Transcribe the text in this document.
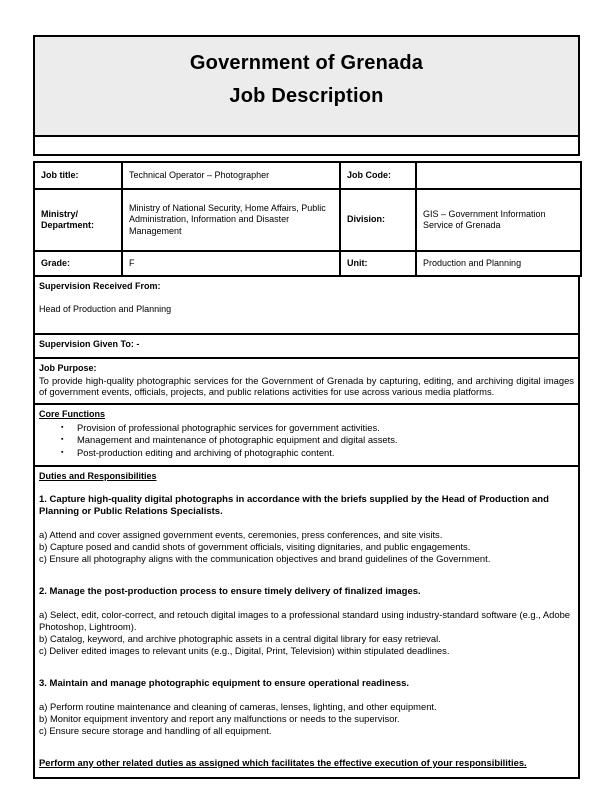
Government of Grenada
Job Description
Job title:	Technical Operator – Photographer	Job Code:	
Ministry/ Department:	Ministry of National Security, Home Affairs, Public Administration, Information and Disaster Management	Division:	GIS – Government Information Service of Grenada
Grade:	F	Unit:	Production and Planning
Supervision Received From:
Head of Production and Planning
Supervision Given To: -
Job Purpose:
To provide high-quality photographic services for the Government of Grenada by capturing, editing, and archiving digital images of government events, officials, projects, and public relations activities for use across various media platforms.
Core Functions
▪	Provision of professional photographic services for government activities.
▪	Management and maintenance of photographic equipment and digital assets.
▪	Post-production editing and archiving of photographic content.
Duties and Responsibilities
1. Capture high-quality digital photographs in accordance with the briefs supplied by the Head of Production and Planning or Public Relations Specialists.
a) Attend and cover assigned government events, ceremonies, press conferences, and site visits.
b) Capture posed and candid shots of government officials, visiting dignitaries, and public engagements.
c) Ensure all photography aligns with the communication objectives and brand guidelines of the Government.
2. Manage the post-production process to ensure timely delivery of finalized images.
a) Select, edit, color-correct, and retouch digital images to a professional standard using industry-standard software (e.g., Adobe Photoshop, Lightroom).
b) Catalog, keyword, and archive photographic assets in a central digital library for easy retrieval.
c) Deliver edited images to relevant units (e.g., Digital, Print, Television) within stipulated deadlines.
3. Maintain and manage photographic equipment to ensure operational readiness.
a) Perform routine maintenance and cleaning of cameras, lenses, lighting, and other equipment.
b) Monitor equipment inventory and report any malfunctions or needs to the supervisor.
c) Ensure secure storage and handling of all equipment.
Perform any other related duties as assigned which facilitates the effective execution of your responsibilities.
